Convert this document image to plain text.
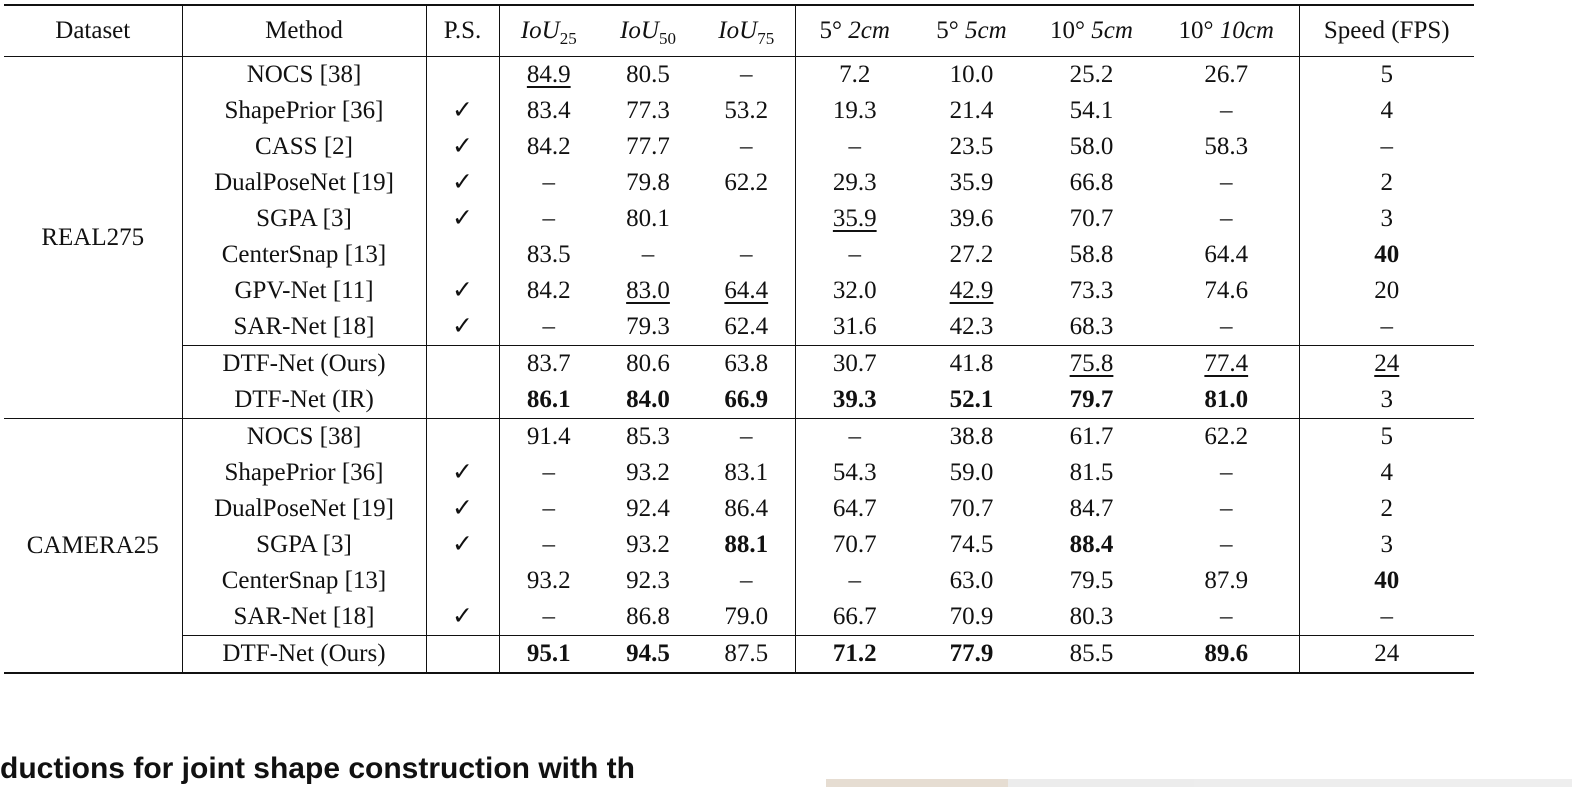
Dataset	Method	P.S.	IoU$_{25}$	IoU$_{50}$	IoU$_{75}$	5° 2cm	5° 5cm	10° 5cm	10° 10cm	Speed (FPS)
REAL275	NOCS [38]		84.9	80.5	–	7.2	10.0	25.2	26.7	5
	ShapePrior [36]	✓	83.4	77.3	53.2	19.3	21.4	54.1	–	4
	CASS [2]	✓	84.2	77.7	–	–	23.5	58.0	58.3	–
	DualPoseNet [19]	✓	–	79.8	62.2	29.3	35.9	66.8	–	2
	SGPA [3]	✓	–	80.1		35.9	39.6	70.7	–	3
	CenterSnap [13]		83.5	–	–	–	27.2	58.8	64.4	40
	GPV-Net [11]	✓	84.2	83.0	64.4	32.0	42.9	73.3	74.6	20
	SAR-Net [18]	✓	–	79.3	62.4	31.6	42.3	68.3	–	–
	DTF-Net (Ours)		83.7	80.6	63.8	30.7	41.8	75.8	77.4	24
	DTF-Net (IR)		86.1	84.0	66.9	39.3	52.1	79.7	81.0	3
CAMERA25	NOCS [38]		91.4	85.3	–	–	38.8	61.7	62.2	5
	ShapePrior [36]	✓	–	93.2	83.1	54.3	59.0	81.5	–	4
	DualPoseNet [19]	✓	–	92.4	86.4	64.7	70.7	84.7	–	2
	SGPA [3]	✓	–	93.2	88.1	70.7	74.5	88.4	–	3
	CenterSnap [13]		93.2	92.3	–	–	63.0	79.5	87.9	40
	SAR-Net [18]	✓	–	86.8	79.0	66.7	70.9	80.3	–	–
	DTF-Net (Ours)		95.1	94.5	87.5	71.2	77.9	85.5	89.6	24
ductions for joint shape construction with th
